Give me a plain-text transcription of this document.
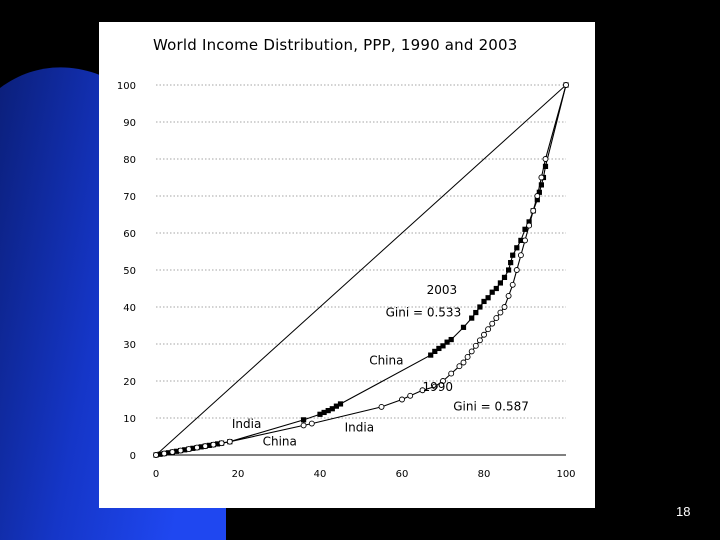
0
10
20
30
40
50
60
70
80
90
100
0	20	40	60	80	100
2003
Gini = 0.533
China
1990
Gini = 0.587
India
China
India
World Income Distribution, PPP, 1990 and 2003
18
